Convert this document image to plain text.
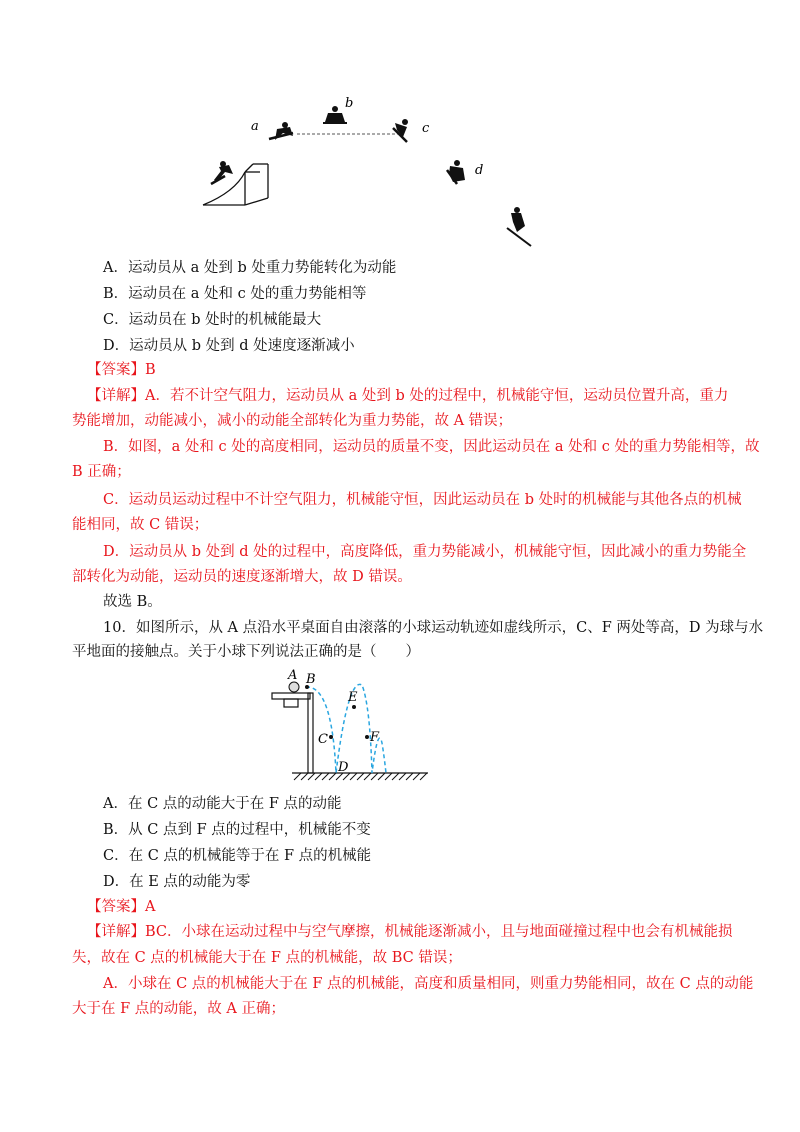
a
b
c
d
A．运动员从 a 处到 b 处重力势能转化为动能
B．运动员在 a 处和 c 处的重力势能相等
C．运动员在 b 处时的机械能最大
D．运动员从 b 处到 d 处速度逐渐减小
【答案】B
【详解】A．若不计空气阻力，运动员从 a 处到 b 处的过程中，机械能守恒，运动员位置升高，重力
势能增加，动能减小，减小的动能全部转化为重力势能，故 A 错误；
B．如图，a 处和 c 处的高度相同，运动员的质量不变，因此运动员在 a 处和 c 处的重力势能相等，故
B 正确；
C．运动员运动过程中不计空气阻力，机械能守恒，因此运动员在 b 处时的机械能与其他各点的机械
能相同，故 C 错误；
D．运动员从 b 处到 d 处的过程中，高度降低，重力势能减小，机械能守恒，因此减小的重力势能全
部转化为动能，运动员的速度逐渐增大，故 D 错误。
故选 B。
10．如图所示，从 A 点沿水平桌面自由滚落的小球运动轨迹如虚线所示，C、F 两处等高，D 为球与水
平地面的接触点。关于小球下列说法正确的是（　　）
A B
C
D
E
F
A．在 C 点的动能大于在 F 点的动能
B．从 C 点到 F 点的过程中，机械能不变
C．在 C 点的机械能等于在 F 点的机械能
D．在 E 点的动能为零
【答案】A
【详解】BC．小球在运动过程中与空气摩擦，机械能逐渐减小，且与地面碰撞过程中也会有机械能损
失，故在 C 点的机械能大于在 F 点的机械能，故 BC 错误；
A．小球在 C 点的机械能大于在 F 点的机械能，高度和质量相同，则重力势能相同，故在 C 点的动能
大于在 F 点的动能，故 A 正确；
